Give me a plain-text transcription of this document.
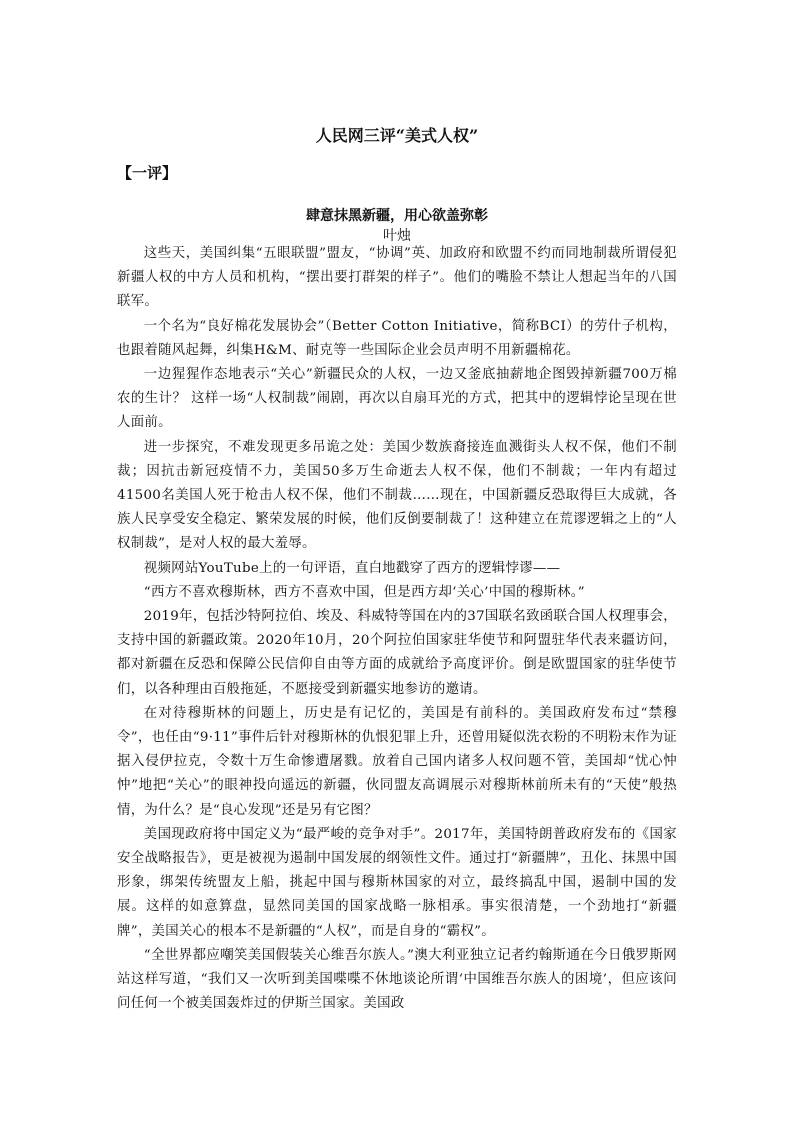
人民网三评“美式人权”
【一评】
肆意抹黑新疆，用心欲盖弥彰
叶烛

这些天，美国纠集“五眼联盟”盟友，“协调”英、加政府和欧盟不约而同地制裁所谓侵犯新疆人权的中方人员和机构，“摆出要打群架的样子”。他们的嘴脸不禁让人想起当年的八国联军。

一个名为“良好棉花发展协会”（Better Cotton Initiative，简称BCI）的劳什子机构，也跟着随风起舞，纠集H&M、耐克等一些国际企业会员声明不用新疆棉花。

一边猩猩作态地表示“关心”新疆民众的人权，一边又釜底抽薪地企图毁掉新疆700万棉农的生计？ 这样一场“人权制裁”闹剧，再次以自扇耳光的方式，把其中的逻辑悖论呈现在世人面前。

进一步探究，不难发现更多吊诡之处：美国少数族裔接连血溅街头人权不保，他们不制裁；因抗击新冠疫情不力，美国50多万生命逝去人权不保，他们不制裁；一年内有超过41500名美国人死于枪击人权不保，他们不制裁……现在，中国新疆反恐取得巨大成就，各族人民享受安全稳定、繁荣发展的时候，他们反倒要制裁了！这种建立在荒谬逻辑之上的“人权制裁”，是对人权的最大羞辱。

视频网站YouTube上的一句评语，直白地戳穿了西方的逻辑悖谬——

“西方不喜欢穆斯林，西方不喜欢中国，但是西方却‘关心’中国的穆斯林。”

2019年，包括沙特阿拉伯、埃及、科威特等国在内的37国联名致函联合国人权理事会，支持中国的新疆政策。2020年10月，20个阿拉伯国家驻华使节和阿盟驻华代表来疆访问，都对新疆在反恐和保障公民信仰自由等方面的成就给予高度评价。倒是欧盟国家的驻华使节们，以各种理由百般拖延，不愿接受到新疆实地参访的邀请。

在对待穆斯林的问题上，历史是有记忆的，美国是有前科的。美国政府发布过“禁穆令”，也任由“9·11”事件后针对穆斯林的仇恨犯罪上升，还曾用疑似洗衣粉的不明粉末作为证据入侵伊拉克，令数十万生命惨遭屠戮。放着自己国内诸多人权问题不管，美国却“忧心忡忡”地把“关心”的眼神投向遥远的新疆，伙同盟友高调展示对穆斯林前所未有的“天使”般热情，为什么？是“良心发现”还是另有它图？

美国现政府将中国定义为“最严峻的竞争对手”。2017年，美国特朗普政府发布的《国家安全战略报告》，更是被视为遏制中国发展的纲领性文件。通过打“新疆牌”，丑化、抹黑中国形象，绑架传统盟友上船，挑起中国与穆斯林国家的对立，最终搞乱中国，遏制中国的发展。这样的如意算盘，显然同美国的国家战略一脉相承。事实很清楚，一个劲地打“新疆牌”，美国关心的根本不是新疆的“人权”，而是自身的“霸权”。

“全世界都应嘲笑美国假装关心维吾尔族人。”澳大利亚独立记者约翰斯通在今日俄罗斯网站这样写道，“我们又一次听到美国喋喋不休地谈论所谓‘中国维吾尔族人的困境’，但应该问问任何一个被美国轰炸过的伊斯兰国家。美国政
